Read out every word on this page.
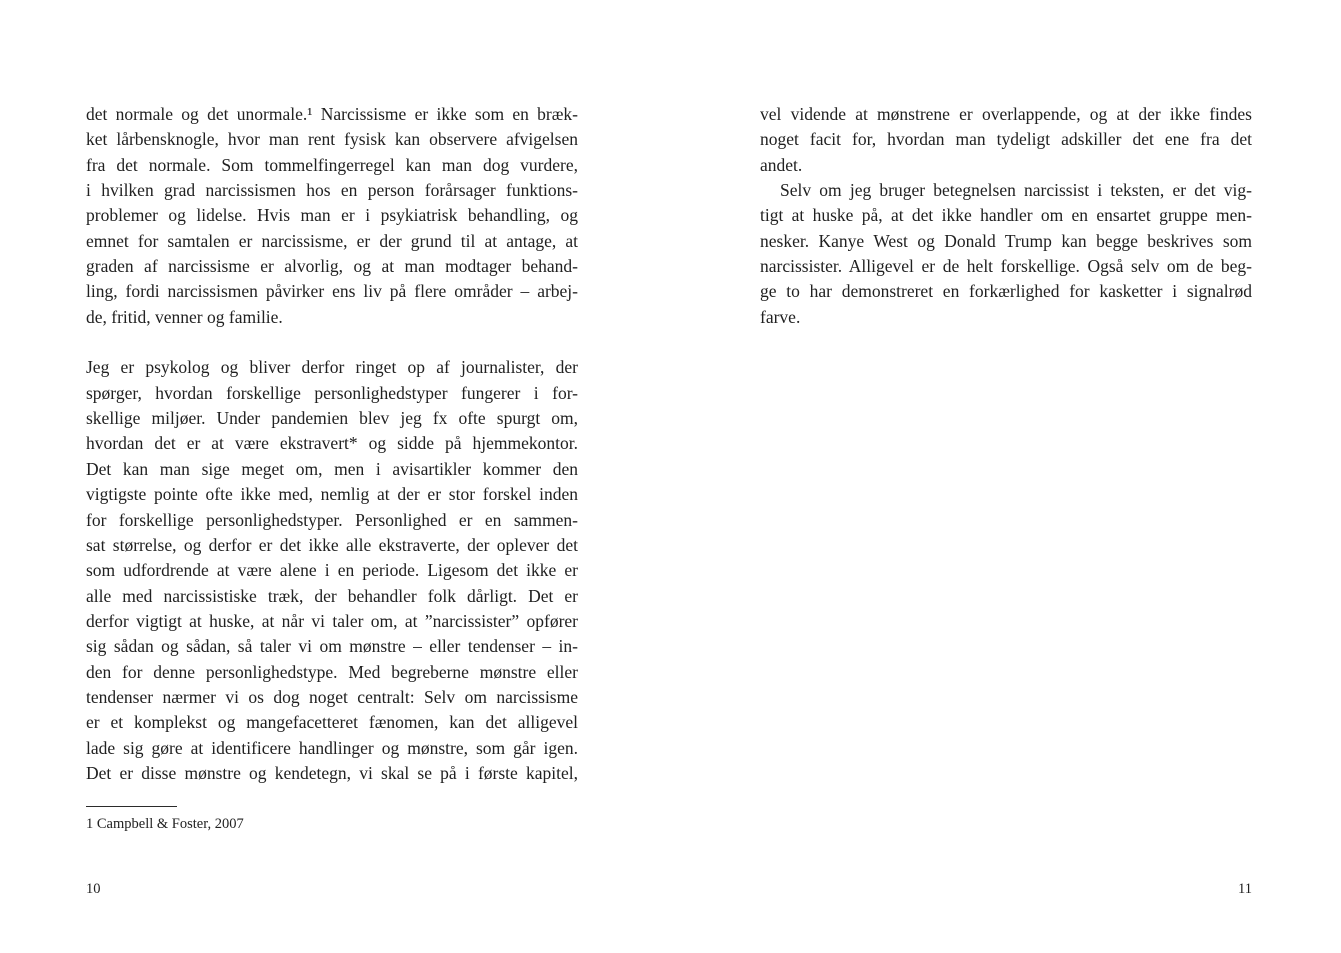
det normale og det unormale.¹ Narcissisme er ikke som en bræk-
ket lårbensknogle, hvor man rent fysisk kan observere afvigelsen
fra det normale. Som tommelfingerregel kan man dog vurdere,
i hvilken grad narcissismen hos en person forårsager funktions-
problemer og lidelse. Hvis man er i psykiatrisk behandling, og
emnet for samtalen er narcissisme, er der grund til at antage, at
graden af narcissisme er alvorlig, og at man modtager behand-
ling, fordi narcissismen påvirker ens liv på flere områder – arbej-
de, fritid, venner og familie.
Jeg er psykolog og bliver derfor ringet op af journalister, der
spørger, hvordan forskellige personlighedstyper fungerer i for-
skellige miljøer. Under pandemien blev jeg fx ofte spurgt om,
hvordan det er at være ekstravert* og sidde på hjemmekontor.
Det kan man sige meget om, men i avisartikler kommer den
vigtigste pointe ofte ikke med, nemlig at der er stor forskel inden
for forskellige personlighedstyper. Personlighed er en sammen-
sat størrelse, og derfor er det ikke alle ekstraverte, der oplever det
som udfordrende at være alene i en periode. Ligesom det ikke er
alle med narcissistiske træk, der behandler folk dårligt. Det er
derfor vigtigt at huske, at når vi taler om, at ”narcissister” opfører
sig sådan og sådan, så taler vi om mønstre – eller tendenser – in-
den for denne personlighedstype. Med begreberne mønstre eller
tendenser nærmer vi os dog noget centralt: Selv om narcissisme
er et komplekst og mangefacetteret fænomen, kan det alligevel
lade sig gøre at identificere handlinger og mønstre, som går igen.
Det er disse mønstre og kendetegn, vi skal se på i første kapitel,
1 Campbell & Foster, 2007
10
vel vidende at mønstrene er overlappende, og at der ikke findes
noget facit for, hvordan man tydeligt adskiller det ene fra det
andet.
Selv om jeg bruger betegnelsen narcissist i teksten, er det vig-
tigt at huske på, at det ikke handler om en ensartet gruppe men-
nesker. Kanye West og Donald Trump kan begge beskrives som
narcissister. Alligevel er de helt forskellige. Også selv om de beg-
ge to har demonstreret en forkærlighed for kasketter i signalrød
farve.
11
